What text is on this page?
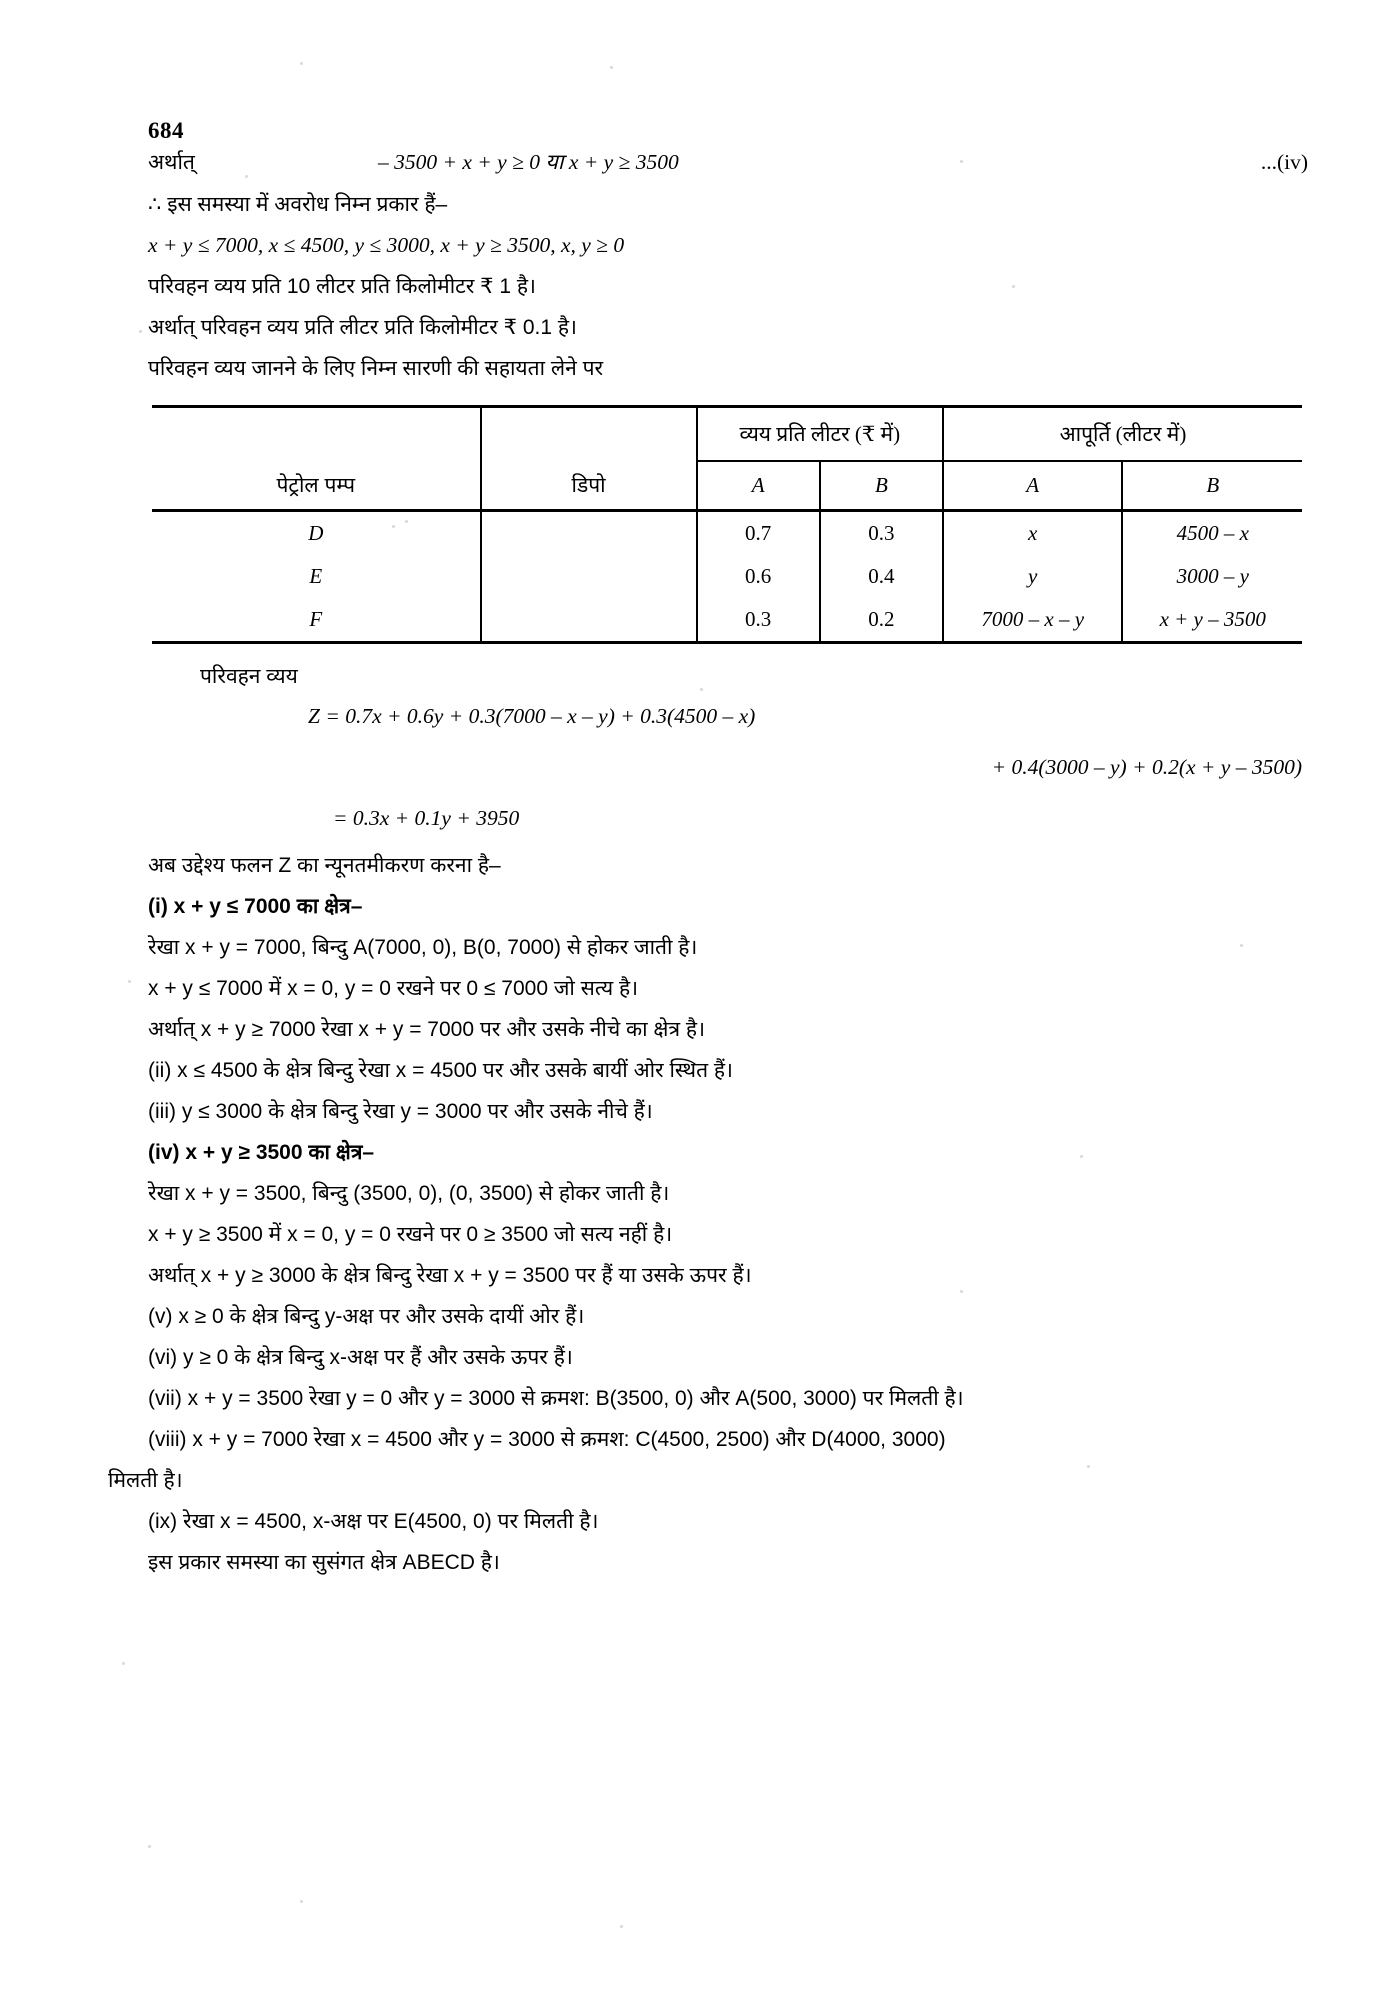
684
अर्थात्	– 3500 + x + y ≥ 0 या x + y ≥ 3500	...(iv)
∴ इस समस्या में अवरोध निम्न प्रकार हैं–
x + y ≤ 7000, x ≤ 4500, y ≤ 3000, x + y ≥ 3500, x, y ≥ 0
परिवहन व्यय प्रति 10 लीटर प्रति किलोमीटर ₹ 1 है।
अर्थात् परिवहन व्यय प्रति लीटर प्रति किलोमीटर ₹ 0.1 है।
परिवहन व्यय जानने के लिए निम्न सारणी की सहायता लेने पर
		व्यय प्रति लीटर (₹ में)		आपूर्ति (लीटर में)	
पेट्रोल पम्प	डिपो	A	B	A	B
D		0.7	0.3	x	4500 – x
E		0.6	0.4	y	3000 – y
F		0.3	0.2	7000 – x – y	x + y – 3500
परिवहन व्यय
Z = 0.7x + 0.6y + 0.3(7000 – x – y) + 0.3(4500 – x)
+ 0.4(3000 – y) + 0.2(x + y – 3500)
= 0.3x + 0.1y + 3950
अब उद्देश्य फलन Z का न्यूनतमीकरण करना है–
(i) x + y ≤ 7000 का क्षेत्र–
रेखा x + y = 7000, बिन्दु A(7000, 0), B(0, 7000) से होकर जाती है।
x + y ≤ 7000 में x = 0, y = 0 रखने पर 0 ≤ 7000 जो सत्य है।
अर्थात् x + y ≥ 7000 रेखा x + y = 7000 पर और उसके नीचे का क्षेत्र है।
(ii) x ≤ 4500 के क्षेत्र बिन्दु रेखा x = 4500 पर और उसके बायीं ओर स्थित हैं।
(iii) y ≤ 3000 के क्षेत्र बिन्दु रेखा y = 3000 पर और उसके नीचे हैं।
(iv) x + y ≥ 3500 का क्षेत्र–
रेखा x + y = 3500, बिन्दु (3500, 0), (0, 3500) से होकर जाती है।
x + y ≥ 3500 में x = 0, y = 0 रखने पर 0 ≥ 3500 जो सत्य नहीं है।
अर्थात् x + y ≥ 3000 के क्षेत्र बिन्दु रेखा x + y = 3500 पर हैं या उसके ऊपर हैं।
(v) x ≥ 0 के क्षेत्र बिन्दु y-अक्ष पर और उसके दायीं ओर हैं।
(vi) y ≥ 0 के क्षेत्र बिन्दु x-अक्ष पर हैं और उसके ऊपर हैं।
(vii) x + y = 3500 रेखा y = 0 और y = 3000 से क्रमश: B(3500, 0) और A(500, 3000) पर मिलती है।
(viii) x + y = 7000 रेखा x = 4500 और y = 3000 से क्रमश: C(4500, 2500) और D(4000, 3000)
मिलती है।
(ix) रेखा x = 4500, x-अक्ष पर E(4500, 0) पर मिलती है।
इस प्रकार समस्या का सुसंगत क्षेत्र ABECD है।
